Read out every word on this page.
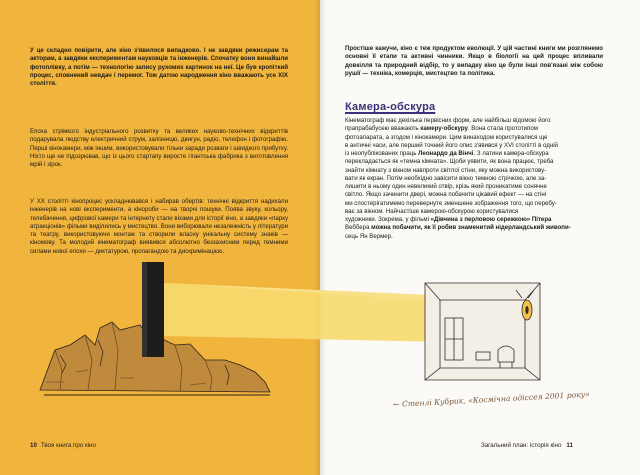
У це складно повірити, але кіно з'явилося випадково. І не завдяки режисерам та акторам, а завдяки експериментам науковців та інженерів. Спочатку вони винайшли фотоплівку, а потім — технологію запису рухомих картинок на неї. Це був кропіткий процес, сповнений невдач і перемог. Тож датою народження кіно вважають усе XIX століття.

Епоха стрімкого індустріального розвитку та великих науково-технічних відкриттів подарувала людству електричний струм, залізницю, двигун, радіо, телефон і фотографію. Перші кінокамери, між іншим, використовували тільки заради розваги і швидкого прибутку. Ніхто ще не підозрював, що із цього стартапу виросте гігантська фабрика з виготовлення мрій і зірок.

У XX столітті кінопроцес ускладнювався і набирав обертів: технічні відкриття надихали інженерів на нові експерименти, а кінороби — на творчі пошуки. Поява звуку, кольору, телебачення, цифрової камери та інтернету стали віхами для історії кіно, а завдяки «парку атракціонів» фільми виділились у мистецтво. Вони виборювали незалежність у літератури та театру, використовуючи монтаж та створили власну унікальну систему знаків — кіномову. Та молодий кінематограф виявився абсолютно беззахисним перед темними силами нової епохи — диктатурою, пропагандою та дискримінацією.

10 Твоя книга про кіно

Простіше кажучи, кіно є теж продуктом еволюції. У цій частині книги ми розглянемо основні її етапи та активні чинники. Якщо в біології на цей процес впливали довкілля та природний відбір, то у випадку кіно це були інші пов'язані між собою рушії — техніка, комерція, мистецтво та політика.

Камера-обскура
Кінематограф має декілька первісних форм, але найбільш відомою його
прапрабабусею вважають камеру-обскуру. Вона стала прототипом
фотоапарата, а згодом і кінокамери. Цим винаходом користувалися ще
в античні часи, але перший точний його опис з'явився у XVI столітті в одній
із неопублікованих праць Леонардо да Вінчі. З латини камера-обскура
перекладається як «темна кімната». Щоби уявити, як вона працює, треба
знайти кімнату з вікном навпроти світлої стіни, яку можна використову-
вати як екран. Потім необхідно завісити вікно темною стрічкою, але за-
лишити в ньому один невеликий отвір, крізь який проникатиме сонячне
світло. Якщо зачинити двері, можна побачити цікавий ефект — на стіні
ми спостерігатимемо перевернуте зменшене зображення того, що перебу-
ває за вікном. Найчастіше камерою-обскурою користувалися
художники. Зокрема, у фільмі «Дівчина з перловою сережкою» Пітера
Веббера можна побачити, як її робив знаменитий нідерландський живопи-
сець Ян Вермер.
← Стенлі Кубрик, «Космічна одіссея 2001 року»
Загальний план: історія кіно 11
